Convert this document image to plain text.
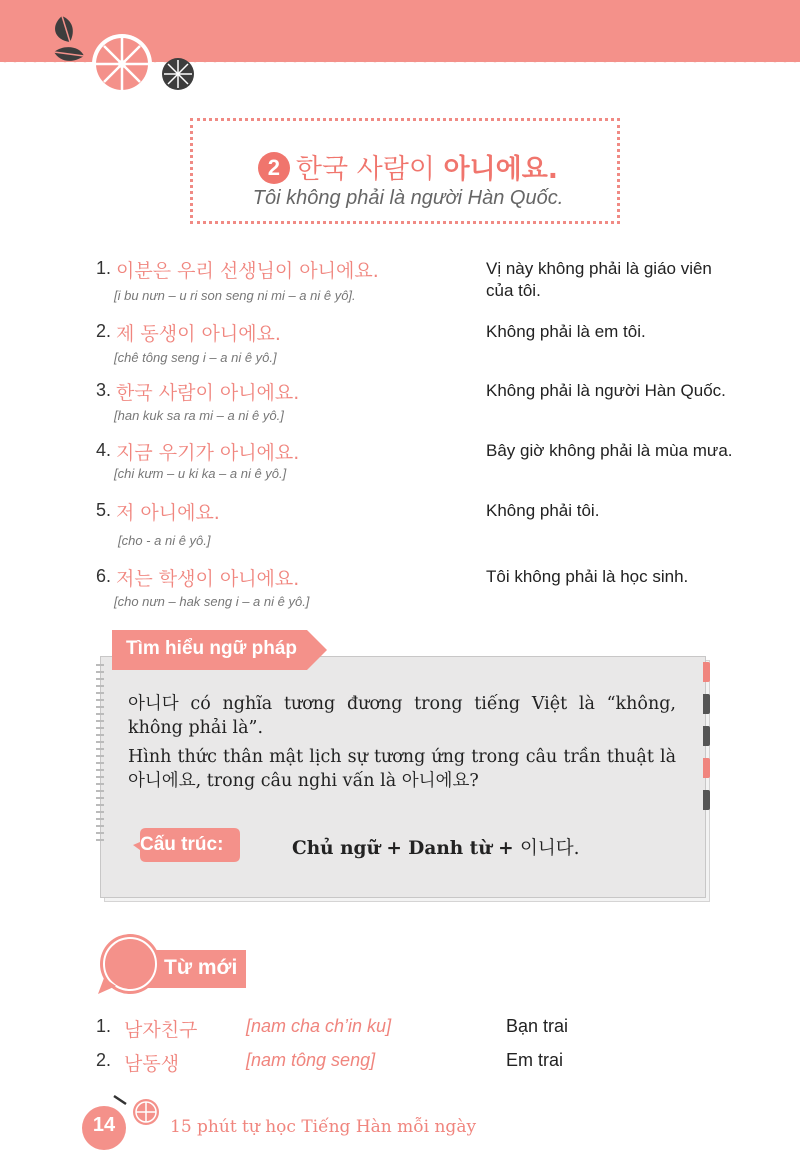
2 한국 사람이 아니에요.
Tôi không phải là người Hàn Quốc.
1. 이분은 우리 선생님이 아니에요.
[i bu nưn – u ri son seng ni mi – a ni ê yô].
Vị này không phải là giáo viên của tôi.
2. 제 동생이 아니에요.
[chê tông seng i – a ni ê yô.]
Không phải là em tôi.
3. 한국 사람이 아니에요.
[han kuk sa ra mi – a ni ê yô.]
Không phải là người Hàn Quốc.
4. 지금 우기가 아니에요.
[chi kưm – u ki ka – a ni ê yô.]
Bây giờ không phải là mùa mưa.
5. 저 아니에요.
[cho - a ni ê yô.]
Không phải tôi.
6. 저는 학생이 아니에요.
[cho nưn – hak seng i – a ni ê yô.]
Tôi không phải là học sinh.
Tìm hiểu ngữ pháp
아니다 có nghĩa tương đương trong tiếng Việt là “không,
không phải là”.
Hình thức thân mật lịch sự tương ứng trong câu trần thuật là
아니에요, trong câu nghi vấn là 아니에요?
Cấu trúc:	Chủ ngữ + Danh từ + 이니다.
Từ mới
1. 남자친구	[nam cha ch’in ku]	Bạn trai
2. 남동생	[nam tông seng]	Em trai
14	15 phút tự học Tiếng Hàn mỗi ngày
